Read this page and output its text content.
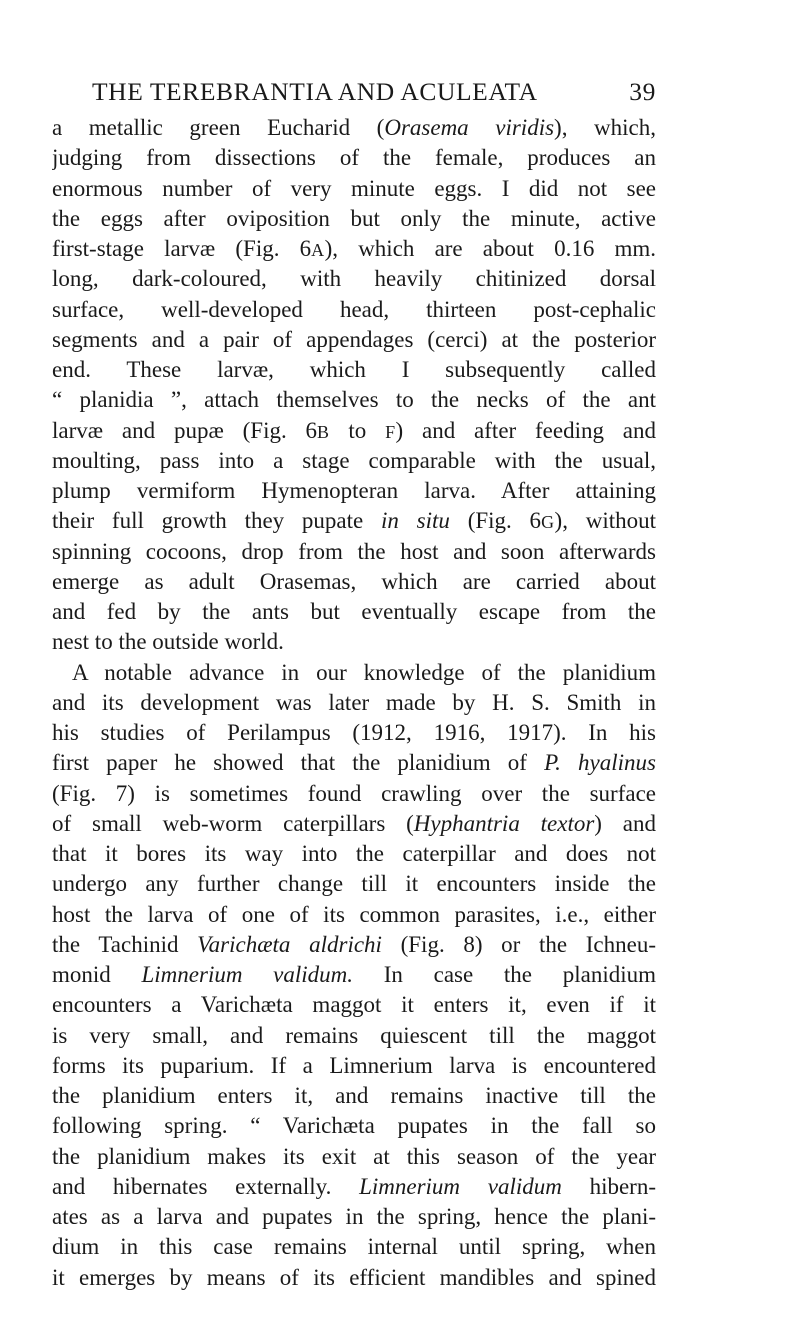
THE TEREBRANTIA AND ACULEATA	39
a metallic green Eucharid (Orasema viridis), which,
judging from dissections of the female, produces an
enormous number of very minute eggs. I did not see
the eggs after oviposition but only the minute, active
first-stage larvæ (Fig. 6A), which are about 0.16 mm.
long, dark-coloured, with heavily chitinized dorsal
surface, well-developed head, thirteen post-cephalic
segments and a pair of appendages (cerci) at the posterior
end. These larvæ, which I subsequently called
“ planidia ”, attach themselves to the necks of the ant
larvæ and pupæ (Fig. 6B to F) and after feeding and
moulting, pass into a stage comparable with the usual,
plump vermiform Hymenopteran larva. After attaining
their full growth they pupate in situ (Fig. 6G), without
spinning cocoons, drop from the host and soon afterwards
emerge as adult Orasemas, which are carried about
and fed by the ants but eventually escape from the
nest to the outside world.
A notable advance in our knowledge of the planidium
and its development was later made by H. S. Smith in
his studies of Perilampus (1912, 1916, 1917). In his
first paper he showed that the planidium of P. hyalinus
(Fig. 7) is sometimes found crawling over the surface
of small web-worm caterpillars (Hyphantria textor) and
that it bores its way into the caterpillar and does not
undergo any further change till it encounters inside the
host the larva of one of its common parasites, i.e., either
the Tachinid Varichæta aldrichi (Fig. 8) or the Ichneu-
monid Limnerium validum. In case the planidium
encounters a Varichæta maggot it enters it, even if it
is very small, and remains quiescent till the maggot
forms its puparium. If a Limnerium larva is encountered
the planidium enters it, and remains inactive till the
following spring. “ Varichæta pupates in the fall so
the planidium makes its exit at this season of the year
and hibernates externally. Limnerium validum hibern-
ates as a larva and pupates in the spring, hence the plani-
dium in this case remains internal until spring, when
it emerges by means of its efficient mandibles and spined
